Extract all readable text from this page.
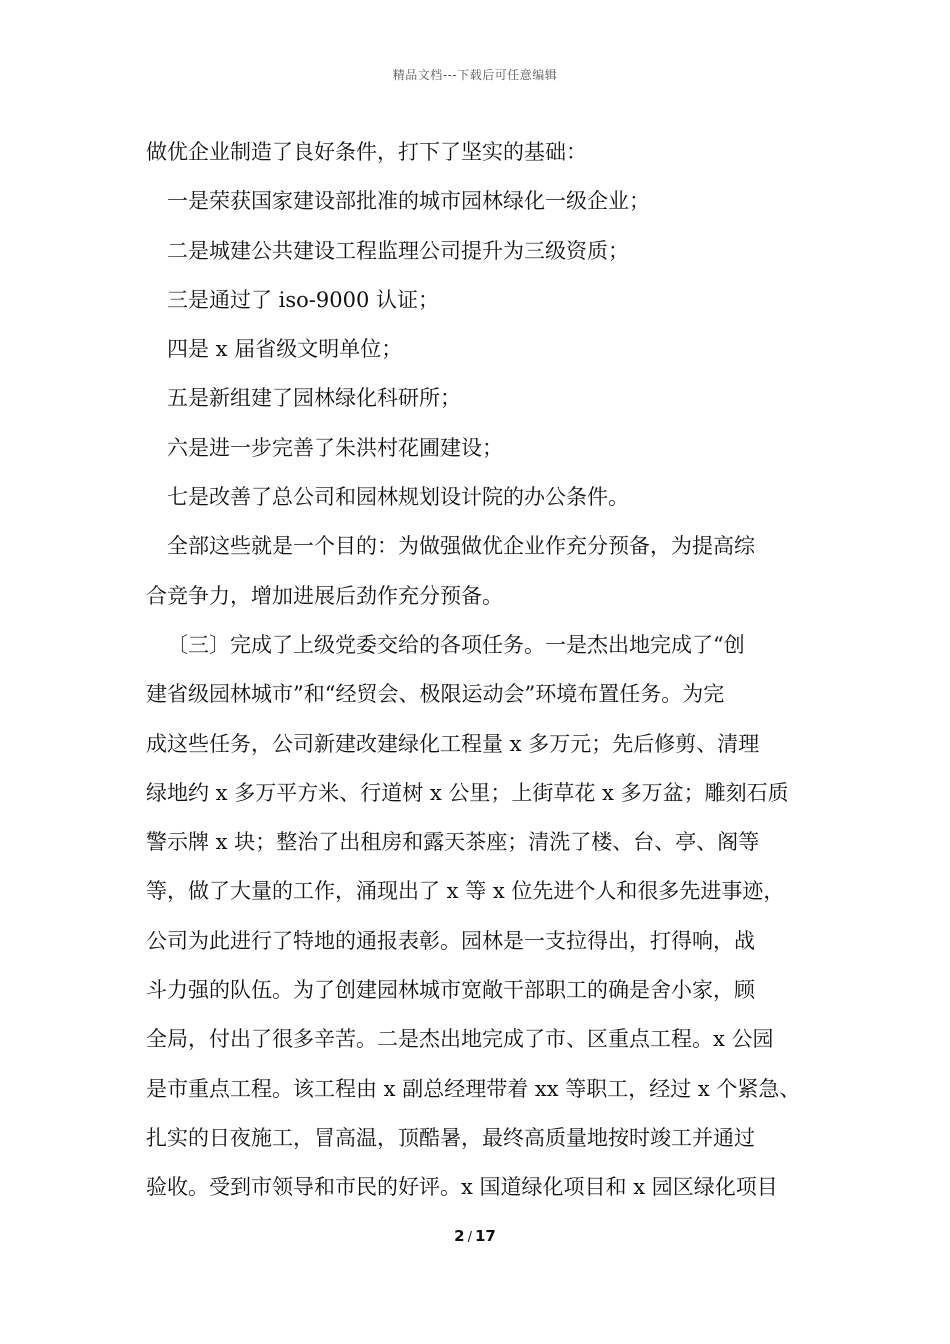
精品文档---下载后可任意编辑
做优企业制造了良好条件，打下了坚实的基础：
一是荣获国家建设部批准的城市园林绿化一级企业；
二是城建公共建设工程监理公司提升为三级资质；
三是通过了 iso-9000 认证；
四是 x 届省级文明单位；
五是新组建了园林绿化科研所；
六是进一步完善了朱洪村花圃建设；
七是改善了总公司和园林规划设计院的办公条件。
全部这些就是一个目的：为做强做优企业作充分预备，为提高综
合竞争力，增加进展后劲作充分预备。
〔三〕完成了上级党委交给的各项任务。一是杰出地完成了“创
建省级园林城市”和“经贸会、极限运动会”环境布置任务。为完
成这些任务，公司新建改建绿化工程量 x 多万元；先后修剪、清理
绿地约 x 多万平方米、行道树 x 公里；上街草花 x 多万盆；雕刻石质
警示牌 x 块；整治了出租房和露天茶座；清洗了楼、台、亭、阁等
等，做了大量的工作，涌现出了 x 等 x 位先进个人和很多先进事迹，
公司为此进行了特地的通报表彰。园林是一支拉得出，打得响，战
斗力强的队伍。为了创建园林城市宽敞干部职工的确是舍小家，顾
全局，付出了很多辛苦。二是杰出地完成了市、区重点工程。x 公园
是市重点工程。该工程由 x 副总经理带着 xx 等职工，经过 x 个紧急、
扎实的日夜施工，冒高温，顶酷暑，最终高质量地按时竣工并通过
验收。受到市领导和市民的好评。x 国道绿化项目和 x 园区绿化项目
2 / 17
